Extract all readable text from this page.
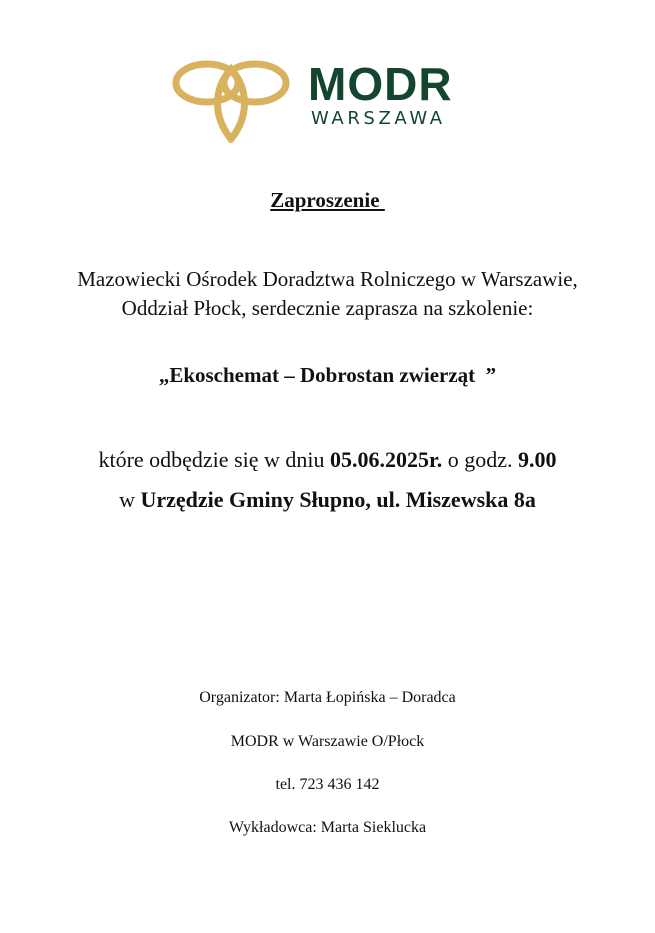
MODR
WARSZAWA
Zaproszenie
Mazowiecki Ośrodek Doradztwa Rolniczego w Warszawie,
Oddział Płock, serdecznie zaprasza na szkolenie:
„Ekoschemat – Dobrostan zwierząt  ”
które odbędzie się w dniu 05.06.2025r. o godz. 9.00
w Urzędzie Gminy Słupno, ul. Miszewska 8a
Organizator: Marta Łopińska – Doradca
MODR w Warszawie O/Płock
tel. 723 436 142
Wykładowca: Marta Sieklucka
